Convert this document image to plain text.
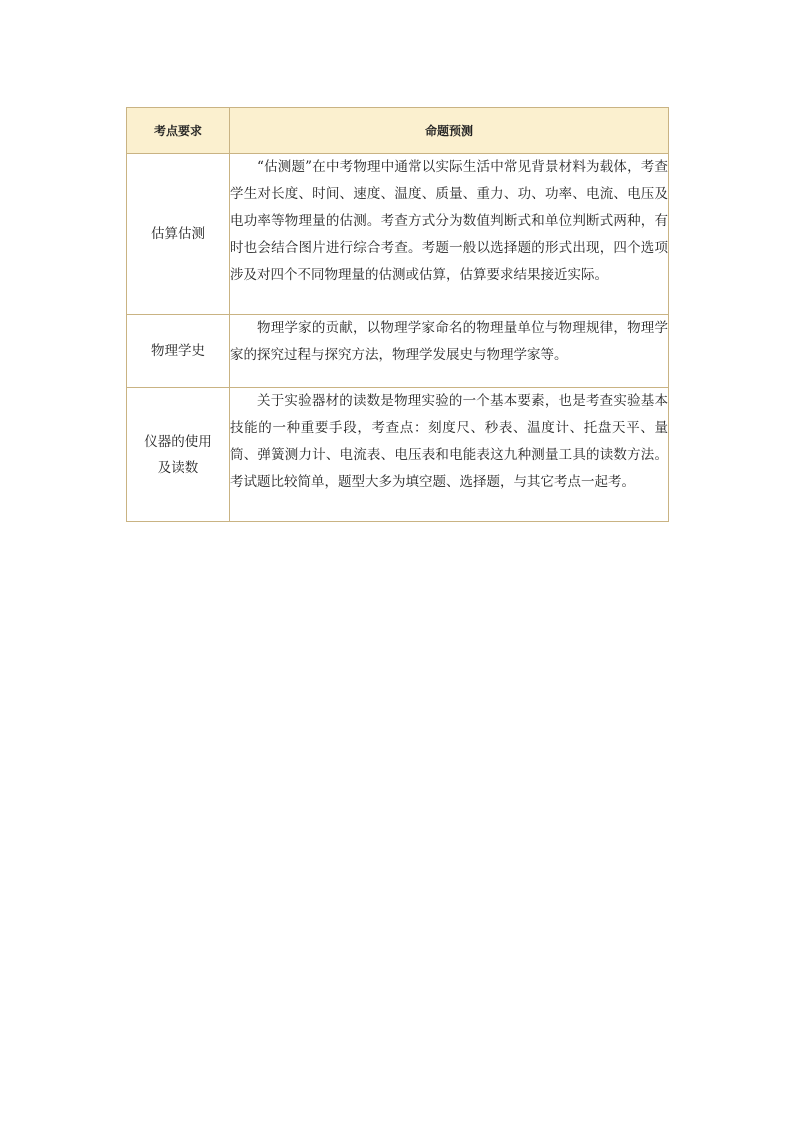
考点要求	命题预测
估算估测	“估测题”在中考物理中通常以实际生活中常见背景材料为载体，考查学生对长度、时间、速度、温度、质量、重力、功、功率、电流、电压及电功率等物理量的估测。考查方式分为数值判断式和单位判断式两种，有时也会结合图片进行综合考查。考题一般以选择题的形式出现，四个选项涉及对四个不同物理量的估测或估算，估算要求结果接近实际。
物理学史	物理学家的贡献，以物理学家命名的物理量单位与物理规律，物理学家的探究过程与探究方法，物理学发展史与物理学家等。
仪器的使用
及读数	关于实验器材的读数是物理实验的一个基本要素，也是考查实验基本技能的一种重要手段，考查点：刻度尺、秒表、温度计、托盘天平、量筒、弹簧测力计、电流表、电压表和电能表这九种测量工具的读数方法。考试题比较简单，题型大多为填空题、选择题，与其它考点一起考。
